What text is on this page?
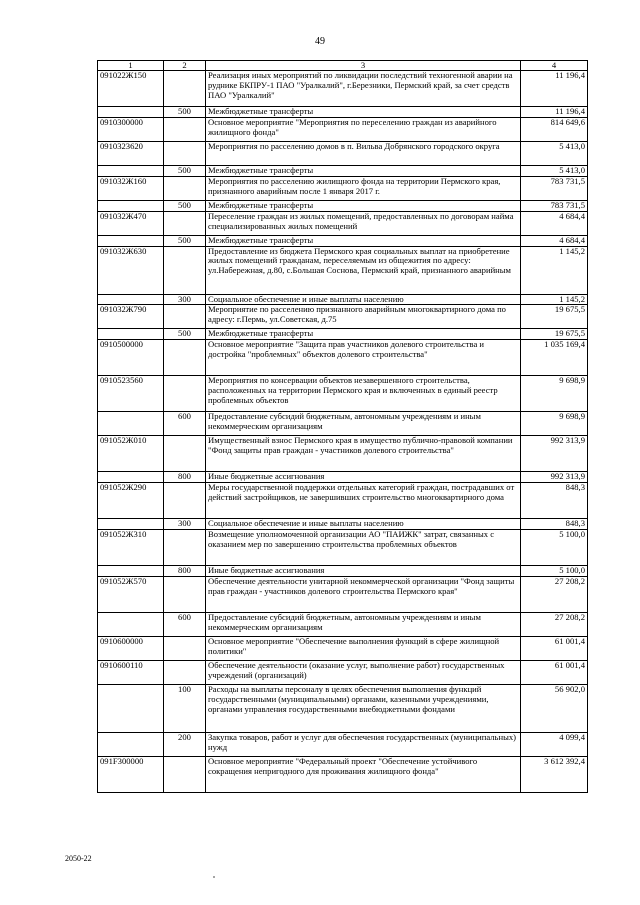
49
1	2	3	4
091022Ж150		Реализация иных мероприятий по ликвидации последствий техногенной аварии на руднике БКПРУ-1 ПАО "Уралкалий", г.Березники, Пермский край, за счет средств ПАО "Уралкалий"	11 196,4
	500	Межбюджетные трансферты	11 196,4
0910300000		Основное мероприятие "Мероприятия по переселению граждан из аварийного жилищного фонда"	814 649,6
0910323620		Мероприятия по расселению домов в п. Вильва Добрянского городского округа	5 413,0
	500	Межбюджетные трансферты	5 413,0
091032Ж160		Мероприятия по расселению жилищного фонда на территории Пермского края, признанного аварийным после 1 января 2017 г.	783 731,5
	500	Межбюджетные трансферты	783 731,5
091032Ж470		Переселение граждан из жилых помещений, предоставленных по договорам найма специализированных жилых помещений	4 684,4
	500	Межбюджетные трансферты	4 684,4
091032Ж630		Предоставление из бюджета Пермского края социальных выплат на приобретение жилых помещений гражданам, переселяемым из общежития по адресу: ул.Набережная, д.80, с.Большая Соснова, Пермский край, признанного аварийным	1 145,2
	300	Социальное обеспечение и иные выплаты населению	1 145,2
091032Ж790		Мероприятие по расселению признанного аварийным многоквартирного дома по адресу: г.Пермь, ул.Советская, д.75	19 675,5
	500	Межбюджетные трансферты	19 675,5
0910500000		Основное мероприятие "Защита прав участников долевого строительства и достройка "проблемных" объектов долевого строительства"	1 035 169,4
0910523560		Мероприятия по консервации объектов незавершенного строительства, расположенных на территории Пермского края и включенных в единый реестр проблемных объектов	9 698,9
	600	Предоставление субсидий бюджетным, автономным учреждениям и иным некоммерческим организациям	9 698,9
091052Ж010		Имущественный взнос Пермского края в имущество публично-правовой компании "Фонд защиты прав граждан - участников долевого строительства"	992 313,9
	800	Иные бюджетные ассигнования	992 313,9
091052Ж290		Меры государственной поддержки отдельных категорий граждан, пострадавших от действий застройщиков, не завершивших строительство многоквартирного дома	848,3
	300	Социальное обеспечение и иные выплаты населению	848,3
091052Ж310		Возмещение уполномоченной организации АО "ПАИЖК" затрат, связанных с оказанием мер по завершению строительства проблемных объектов	5 100,0
	800	Иные бюджетные ассигнования	5 100,0
091052Ж570		Обеспечение деятельности унитарной некоммерческой организации "Фонд защиты прав граждан - участников долевого строительства Пермского края"	27 208,2
	600	Предоставление субсидий бюджетным, автономным учреждениям и иным некоммерческим организациям	27 208,2
0910600000		Основное мероприятие "Обеспечение выполнения функций в сфере жилищной политики"	61 001,4
0910600110		Обеспечение деятельности (оказание услуг, выполнение работ) государственных учреждений (организаций)	61 001,4
	100	Расходы на выплаты персоналу в целях обеспечения выполнения функций государственными (муниципальными) органами, казенными учреждениями, органами управления государственными внебюджетными фондами	56 902,0
	200	Закупка товаров, работ и услуг для обеспечения государственных (муниципальных) нужд	4 099,4
091F300000		Основное мероприятие "Федеральный проект "Обеспечение устойчивого сокращения непригодного для проживания жилищного фонда"	3 612 392,4
2050-22
